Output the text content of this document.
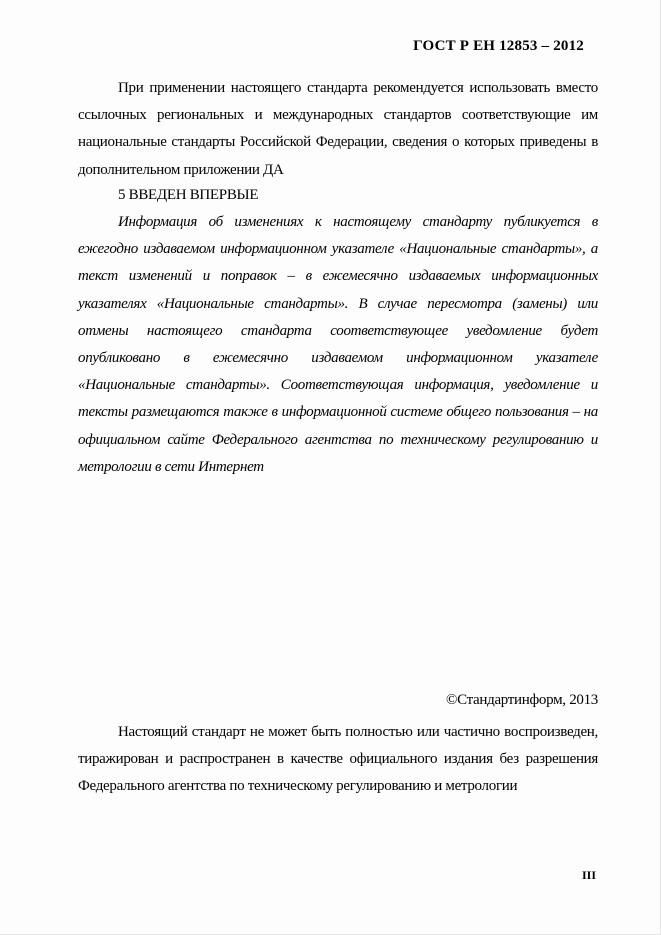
ГОСТ Р ЕН 12853 – 2012

При применении настоящего стандарта рекомендуется использовать вместо ссылочных региональных и международных стандартов соответствующие им национальные стандарты Российской Федерации, сведения о которых приведены в дополнительном приложении ДА

5 ВВЕДЕН ВПЕРВЫЕ
Информация об изменениях к настоящему стандарту публикуется в ежегодно издаваемом информационном указателе «Национальные стандарты», а текст изменений и поправок – в ежемесячно издаваемых информационных указателях «Национальные стандарты». В случае пересмотра (замены) или отмены настоящего стандарта соответствующее уведомление будет опубликовано в ежемесячно издаваемом информационном указателе «Национальные стандарты». Соответствующая информация, уведомление и тексты размещаются также в информационной системе общего пользования – на официальном сайте Федерального агентства по техническому регулированию и метрологии в сети Интернет
©Стандартинформ, 2013
Настоящий стандарт не может быть полностью или частично воспроизведен, тиражирован и распространен в качестве официального издания без разрешения Федерального агентства по техническому регулированию и метрологии
III
